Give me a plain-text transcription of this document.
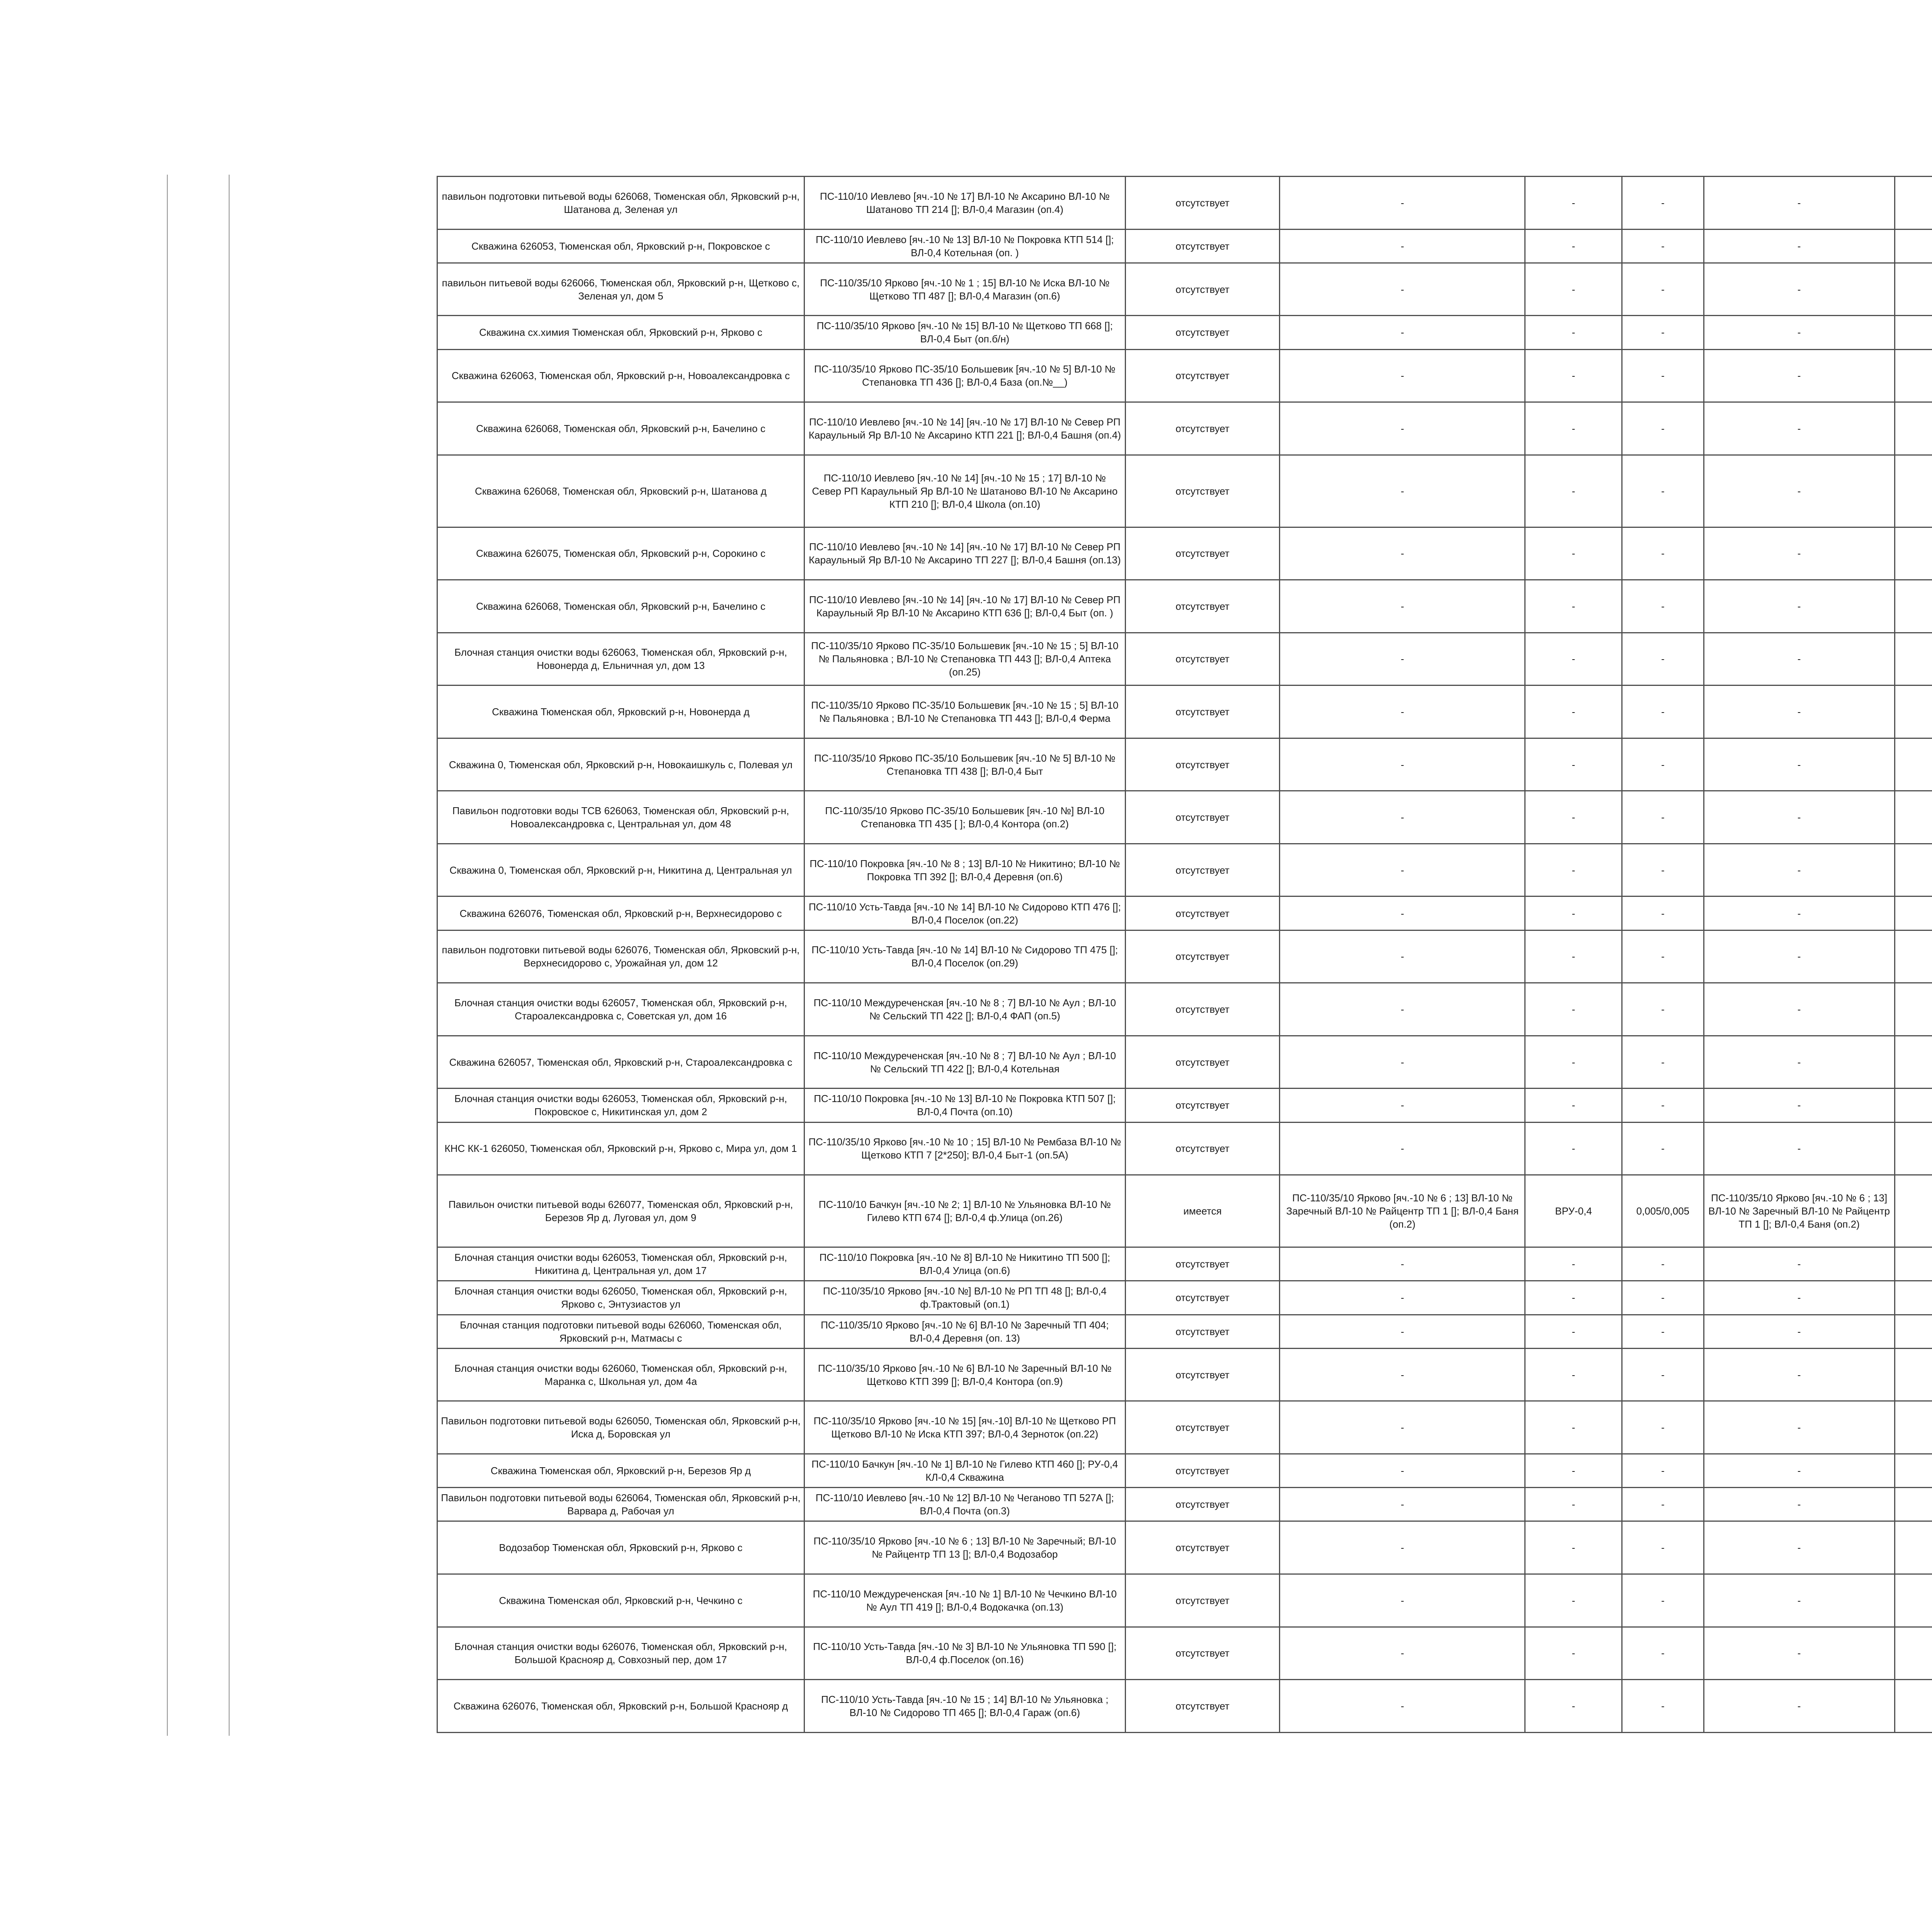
павильон подготовки питьевой воды 626068, Тюменская обл, Ярковский р-н, Шатанова д, Зеленая ул	ПС-110/10 Иевлево [яч.-10 № 17] ВЛ-10 № Аксарино ВЛ-10 № Шатаново ТП 214 []; ВЛ-0,4 Магазин (оп.4)	отсутствует	-	-	-	-		
Скважина 626053, Тюменская обл, Ярковский р-н, Покровское с	ПС-110/10 Иевлево [яч.-10 № 13] ВЛ-10 № Покровка КТП 514 []; ВЛ-0,4 Котельная (оп. )	отсутствует	-	-	-	-		
павильон питьевой воды 626066, Тюменская обл, Ярковский р-н, Щетково с, Зеленая ул, дом 5	ПС-110/35/10 Ярково [яч.-10 № 1 ; 15] ВЛ-10 № Иска ВЛ-10 № Щетково ТП 487 []; ВЛ-0,4 Магазин (оп.6)	отсутствует	-	-	-	-		
Скважина сх.химия Тюменская обл, Ярковский р-н, Ярково с	ПС-110/35/10 Ярково [яч.-10 № 15] ВЛ-10 № Щетково ТП 668 []; ВЛ-0,4 Быт (оп.б/н)	отсутствует	-	-	-	-		
Скважина 626063, Тюменская обл, Ярковский р-н, Новоалександровка с	ПС-110/35/10 Ярково ПС-35/10 Большевик [яч.-10 № 5] ВЛ-10 № Степановка ТП 436 []; ВЛ-0,4 База (оп.№__)	отсутствует	-	-	-	-		
Скважина 626068, Тюменская обл, Ярковский р-н, Бачелино с	ПС-110/10 Иевлево [яч.-10 № 14] [яч.-10 № 17] ВЛ-10 № Север РП Караульный Яр ВЛ-10 № Аксарино КТП 221 []; ВЛ-0,4 Башня (оп.4)	отсутствует	-	-	-	-		
Скважина 626068, Тюменская обл, Ярковский р-н, Шатанова д	ПС-110/10 Иевлево [яч.-10 № 14] [яч.-10 № 15 ; 17] ВЛ-10 № Север РП Караульный Яр ВЛ-10 № Шатаново ВЛ-10 № Аксарино КТП 210 []; ВЛ-0,4 Школа (оп.10)	отсутствует	-	-	-	-		
Скважина 626075, Тюменская обл, Ярковский р-н, Сорокино с	ПС-110/10 Иевлево [яч.-10 № 14] [яч.-10 № 17] ВЛ-10 № Север РП Караульный Яр ВЛ-10 № Аксарино ТП 227 []; ВЛ-0,4 Башня (оп.13)	отсутствует	-	-	-	-		
Скважина 626068, Тюменская обл, Ярковский р-н, Бачелино с	ПС-110/10 Иевлево [яч.-10 № 14] [яч.-10 № 17] ВЛ-10 № Север РП Караульный Яр ВЛ-10 № Аксарино КТП 636 []; ВЛ-0,4 Быт (оп. )	отсутствует	-	-	-	-		
Блочная станция очистки воды 626063, Тюменская обл, Ярковский р-н, Новонерда д, Ельничная ул, дом 13	ПС-110/35/10 Ярково ПС-35/10 Большевик [яч.-10 № 15 ; 5] ВЛ-10 № Пальяновка ; ВЛ-10 № Степановка ТП 443 []; ВЛ-0,4 Аптека (оп.25)	отсутствует	-	-	-	-		
Скважина Тюменская обл, Ярковский р-н, Новонерда д	ПС-110/35/10 Ярково ПС-35/10 Большевик [яч.-10 № 15 ; 5] ВЛ-10 № Пальяновка ; ВЛ-10 № Степановка ТП 443 []; ВЛ-0,4 Ферма	отсутствует	-	-	-	-		
Скважина 0, Тюменская обл, Ярковский р-н, Новокаишкуль с, Полевая ул	ПС-110/35/10 Ярково ПС-35/10 Большевик [яч.-10 № 5] ВЛ-10 № Степановка ТП 438 []; ВЛ-0,4 Быт	отсутствует	-	-	-	-		
Павильон подготовки воды ТСВ 626063, Тюменская обл, Ярковский р-н, Новоалександровка с, Центральная ул, дом 48	ПС-110/35/10 Ярково ПС-35/10 Большевик [яч.-10 №] ВЛ-10 Степановка ТП 435 [ ]; ВЛ-0,4 Контора (оп.2)	отсутствует	-	-	-	-		
Скважина 0, Тюменская обл, Ярковский р-н, Никитина д, Центральная ул	ПС-110/10 Покровка [яч.-10 № 8 ; 13] ВЛ-10 № Никитино; ВЛ-10 № Покровка ТП 392 []; ВЛ-0,4 Деревня (оп.6)	отсутствует	-	-	-	-		
Скважина 626076, Тюменская обл, Ярковский р-н, Верхнесидорово с	ПС-110/10 Усть-Тавда [яч.-10 № 14] ВЛ-10 № Сидорово КТП 476 []; ВЛ-0,4 Поселок (оп.22)	отсутствует	-	-	-	-		
павильон подготовки питьевой воды 626076, Тюменская обл, Ярковский р-н, Верхнесидорово с, Урожайная ул, дом 12	ПС-110/10 Усть-Тавда [яч.-10 № 14] ВЛ-10 № Сидорово ТП 475 []; ВЛ-0,4 Поселок (оп.29)	отсутствует	-	-	-	-		
Блочная станция очистки воды 626057, Тюменская обл, Ярковский р-н, Староалександровка с, Советская ул, дом 16	ПС-110/10 Междуреченская [яч.-10 № 8 ; 7] ВЛ-10 № Аул ; ВЛ-10 № Сельский ТП 422 []; ВЛ-0,4 ФАП (оп.5)	отсутствует	-	-	-	-		
Скважина 626057, Тюменская обл, Ярковский р-н, Староалександровка с	ПС-110/10 Междуреченская [яч.-10 № 8 ; 7] ВЛ-10 № Аул ; ВЛ-10 № Сельский ТП 422 []; ВЛ-0,4 Котельная	отсутствует	-	-	-	-		
Блочная станция очистки воды 626053, Тюменская обл, Ярковский р-н, Покровское с, Никитинская ул, дом 2	ПС-110/10 Покровка [яч.-10 № 13] ВЛ-10 № Покровка КТП 507 []; ВЛ-0,4 Почта (оп.10)	отсутствует	-	-	-	-		
КНС КК-1 626050, Тюменская обл, Ярковский р-н, Ярково с, Мира ул, дом 1	ПС-110/35/10 Ярково [яч.-10 № 10 ; 15] ВЛ-10 № Рембаза ВЛ-10 № Щетково КТП 7 [2*250]; ВЛ-0,4 Быт-1 (оп.5А)	отсутствует	-	-	-	-		
Павильон очистки питьевой воды 626077, Тюменская обл, Ярковский р-н, Березов Яр д, Луговая ул, дом 9	ПС-110/10 Бачкун [яч.-10 № 2; 1] ВЛ-10 № Ульяновка ВЛ-10 № Гилево КТП 674 []; ВЛ-0,4 ф.Улица (оп.26)	имеется	ПС-110/35/10 Ярково [яч.-10 № 6 ; 13] ВЛ-10 № Заречный ВЛ-10 № Райцентр ТП 1 []; ВЛ-0,4 Баня (оп.2)	ВРУ-0,4	0,005/0,005	ПС-110/35/10 Ярково [яч.-10 № 6 ; 13] ВЛ-10 № Заречный ВЛ-10 № Райцентр ТП 1 []; ВЛ-0,4 Баня (оп.2)		
Блочная станция очистки воды 626053, Тюменская обл, Ярковский р-н, Никитина д, Центральная ул, дом 17	ПС-110/10 Покровка [яч.-10 № 8] ВЛ-10 № Никитино ТП 500 []; ВЛ-0,4 Улица (оп.6)	отсутствует	-	-	-	-		
Блочная станция очистки воды 626050, Тюменская обл, Ярковский р-н, Ярково с, Энтузиастов ул	ПС-110/35/10 Ярково [яч.-10 №] ВЛ-10 № РП ТП 48 []; ВЛ-0,4 ф.Трактовый (оп.1)	отсутствует	-	-	-	-		
Блочная станция подготовки питьевой воды 626060, Тюменская обл, Ярковский р-н, Матмасы с	ПС-110/35/10 Ярково [яч.-10 № 6] ВЛ-10 № Заречный ТП 404; ВЛ-0,4 Деревня (оп. 13)	отсутствует	-	-	-	-		
Блочная станция очистки воды 626060, Тюменская обл, Ярковский р-н, Маранка с, Школьная ул, дом 4а	ПС-110/35/10 Ярково [яч.-10 № 6] ВЛ-10 № Заречный ВЛ-10 № Щетково КТП 399 []; ВЛ-0,4 Контора (оп.9)	отсутствует	-	-	-	-		
Павильон подготовки питьевой воды 626050, Тюменская обл, Ярковский р-н, Иска д, Боровская ул	ПС-110/35/10 Ярково [яч.-10 № 15] [яч.-10] ВЛ-10 № Щетково РП Щетково ВЛ-10 № Иска КТП 397; ВЛ-0,4 Зерноток (оп.22)	отсутствует	-	-	-	-		
Скважина Тюменская обл, Ярковский р-н, Березов Яр д	ПС-110/10 Бачкун [яч.-10 № 1] ВЛ-10 № Гилево КТП 460 []; РУ-0,4 КЛ-0,4 Скважина	отсутствует	-	-	-	-		
Павильон подготовки питьевой воды 626064, Тюменская обл, Ярковский р-н, Варвара д, Рабочая ул	ПС-110/10 Иевлево [яч.-10 № 12] ВЛ-10 № Чеганово ТП 527А []; ВЛ-0,4 Почта (оп.3)	отсутствует	-	-	-	-		
Водозабор Тюменская обл, Ярковский р-н, Ярково с	ПС-110/35/10 Ярково [яч.-10 № 6 ; 13] ВЛ-10 № Заречный; ВЛ-10 № Райцентр ТП 13 []; ВЛ-0,4 Водозабор	отсутствует	-	-	-	-		
Скважина Тюменская обл, Ярковский р-н, Чечкино с	ПС-110/10 Междуреченская [яч.-10 № 1] ВЛ-10 № Чечкино ВЛ-10 № Аул ТП 419 []; ВЛ-0,4 Водокачка (оп.13)	отсутствует	-	-	-	-		
Блочная станция очистки воды 626076, Тюменская обл, Ярковский р-н, Большой Краснояр д, Совхозный пер, дом 17	ПС-110/10 Усть-Тавда [яч.-10 № 3] ВЛ-10 № Ульяновка ТП 590 []; ВЛ-0,4 ф.Поселок (оп.16)	отсутствует	-	-	-	-		
Скважина 626076, Тюменская обл, Ярковский р-н, Большой Краснояр д	ПС-110/10 Усть-Тавда [яч.-10 № 15 ; 14] ВЛ-10 № Ульяновка ; ВЛ-10 № Сидорово ТП 465 []; ВЛ-0,4 Гараж (оп.6)	отсутствует	-	-	-	-		
